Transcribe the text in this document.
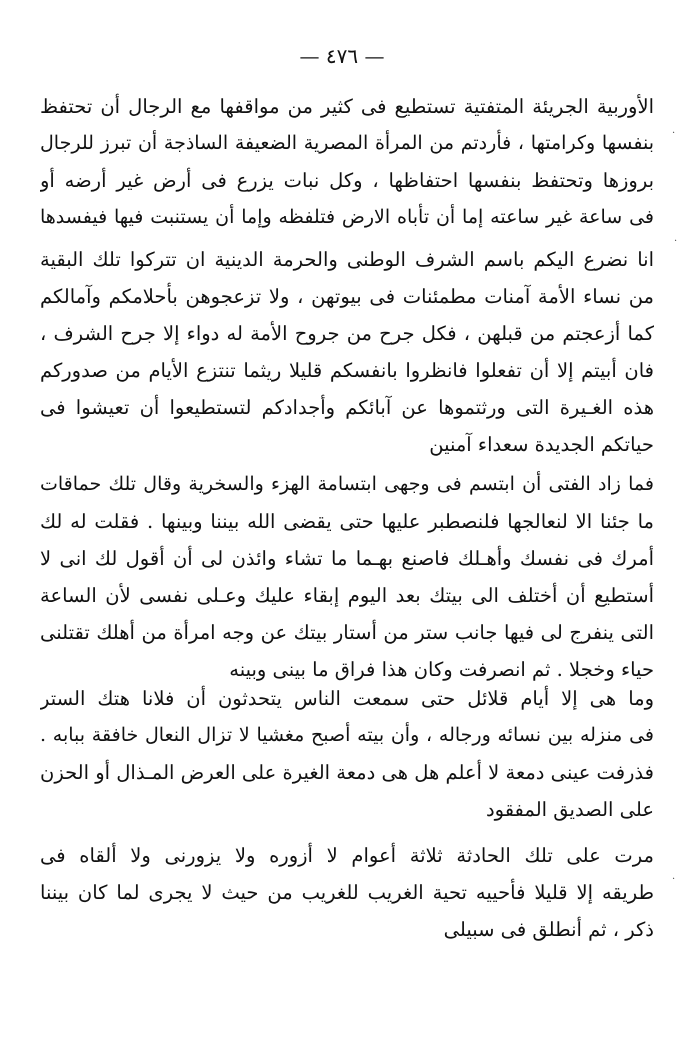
— ٤٧٦ —
الأوربية الجريئة المتفتية تستطيع فى كثير من مواقفها مع الرجال أن تحتفظ
بنفسها وكرامتها ، فأردتم من المرأة المصرية الضعيفة الساذجة أن تبرز للرجال
بروزها وتحتفظ بنفسها احتفاظها ، وكل نبات يزرع فى أرض غير أرضه أو
فى ساعة غير ساعته إما أن تأباه الارض فتلفظه وإما أن يستنبت فيها فيفسدها
انا نضرع اليكم باسم الشرف الوطنى والحرمة الدينية ان تتركوا تلك البقية
من نساء الأمة آمنات مطمئنات فى بيوتهن ، ولا تزعجوهن بأحلامكم وآمالكم
كما أزعجتم من قبلهن ، فكل جرح من جروح الأمة له دواء إلا جرح الشرف ،
فان أبيتم إلا أن تفعلوا فانظروا بانفسكم قليلا ريثما تنتزع الأيام من صدوركم
هذه الغـيرة التى ورثتموها عن آبائكم وأجدادكم لتستطيعوا أن تعيشوا فى
حياتكم الجديدة سعداء آمنين
فما زاد الفتى أن ابتسم فى وجهى ابتسامة الهزء والسخرية وقال تلك حماقات
ما جئنا الا لنعالجها فلنصطبر عليها حتى يقضى الله بيننا وبينها . فقلت له لك
أمرك فى نفسك وأهـلك فاصنع بهـما ما تشاء وائذن لى أن أقول لك انى لا
أستطيع أن أختلف الى بيتك بعد اليوم إبقاء عليك وعـلى نفسى لأن الساعة
التى ينفرج لى فيها جانب ستر من أستار بيتك عن وجه امرأة من أهلك تقتلنى
حياء وخجلا . ثم انصرفت وكان هذا فراق ما بينى وبينه
وما هى إلا أيام قلائل حتى سمعت الناس يتحدثون أن فلانا هتك الستر
فى منزله بين نسائه ورجاله ، وأن بيته أصبح مغشيا لا تزال النعال خافقة ببابه .
فذرفت عينى دمعة لا أعلم هل هى دمعة الغيرة على العرض المـذال أو الحزن
على الصديق المفقود
مرت على تلك الحادثة ثلاثة أعوام لا أزوره ولا يزورنى ولا ألقاه فى
طريقه إلا قليلا فأحييه تحية الغريب للغريب من حيث لا يجرى لما كان بيننا
ذكر ، ثم أنطلق فى سبيلى
·
·
·
